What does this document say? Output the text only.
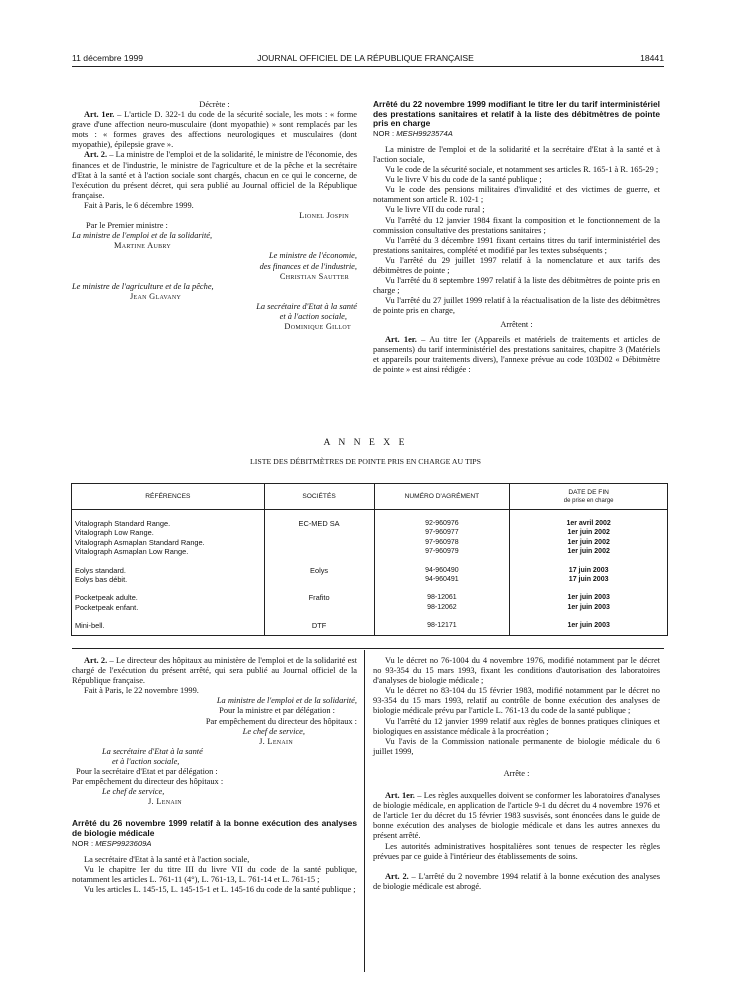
11 décembre 1999	JOURNAL OFFICIEL DE LA RÉPUBLIQUE FRANÇAISE	18441

Décrète :

Art. 1er. – L'article D. 322-1 du code de la sécurité sociale, les mots : « forme grave d'une affection neuro-musculaire (dont myopathie) » sont remplacés par les mots : « formes graves des affections neurologiques et musculaires (dont myopathie), épilepsie grave ».

Art. 2. – La ministre de l'emploi et de la solidarité, le ministre de l'économie, des finances et de l'industrie, le ministre de l'agriculture et de la pêche et la secrétaire d'Etat à la santé et à l'action sociale sont chargés, chacun en ce qui le concerne, de l'exécution du présent décret, qui sera publié au Journal officiel de la République française.

Fait à Paris, le 6 décembre 1999.

Lionel Jospin

Par le Premier ministre :

La ministre de l'emploi et de la solidarité,

Martine Aubry

Le ministre de l'économie,

des finances et de l'industrie,

Christian Sautter

Le ministre de l'agriculture et de la pêche,

Jean Glavany

La secrétaire d'Etat à la santé

et à l'action sociale,

Dominique Gillot

Arrêté du 22 novembre 1999 modifiant le titre Ier du tarif interministériel des prestations sanitaires et relatif à la liste des débitmètres de pointe pris en charge

NOR : MESH9923574A

La ministre de l'emploi et de la solidarité et la secrétaire d'Etat à la santé et à l'action sociale,

Vu le code de la sécurité sociale, et notamment ses articles R. 165-1 à R. 165-29 ;

Vu le livre V bis du code de la santé publique ;

Vu le code des pensions militaires d'invalidité et des victimes de guerre, et notamment son article R. 102-1 ;

Vu le livre VII du code rural ;

Vu l'arrêté du 12 janvier 1984 fixant la composition et le fonctionnement de la commission consultative des prestations sanitaires ;

Vu l'arrêté du 3 décembre 1991 fixant certains titres du tarif interministériel des prestations sanitaires, complété et modifié par les textes subséquents ;

Vu l'arrêté du 29 juillet 1997 relatif à la nomenclature et aux tarifs des débitmètres de pointe ;

Vu l'arrêté du 8 septembre 1997 relatif à la liste des débitmètres de pointe pris en charge ;

Vu l'arrêté du 27 juillet 1999 relatif à la réactualisation de la liste des débitmètres de pointe pris en charge,

Arrêtent :

Art. 1er. – Au titre Ier (Appareils et matériels de traitements et articles de pansements) du tarif interministériel des prestations sanitaires, chapitre 3 (Matériels et appareils pour traitements divers), l'annexe prévue au code 103D02 « Débitmètre de pointe » est ainsi rédigée :

A N N E X E
LISTE DES DÉBITMÈTRES DE POINTE PRIS EN CHARGE AU TIPS
RÉFÉRENCES	SOCIÉTÉS	NUMÉRO D'AGRÉMENT	DATE DE FIN
de prise en charge

Vitalograph Standard Range.	EC-MED SA	92-960976	1er avril 2002
Vitalograph Low Range.		97-960977	1er juin 2002
Vitalograph Asmaplan Standard Range.		97-960978	1er juin 2002
Vitalograph Asmaplan Low Range.		97-960979	1er juin 2002

Eolys standard.	Eolys	94-960490	17 juin 2003
Eolys bas débit.		94-960491	17 juin 2003

Pocketpeak adulte.	Frafito	98-12061	1er juin 2003
Pocketpeak enfant.		98-12062	1er juin 2003

Mini-bell.	DTF	98-12171	1er juin 2003

Art. 2. – Le directeur des hôpitaux au ministère de l'emploi et de la solidarité est chargé de l'exécution du présent arrêté, qui sera publié au Journal officiel de la République française.

Fait à Paris, le 22 novembre 1999.

La ministre de l'emploi et de la solidarité,

Pour la ministre et par délégation :

Par empêchement du directeur des hôpitaux :

Le chef de service,

J. Lenain

La secrétaire d'Etat à la santé

et à l'action sociale,

Pour la secrétaire d'Etat et par délégation :

Par empêchement du directeur des hôpitaux :

Le chef de service,

J. Lenain

Arrêté du 26 novembre 1999 relatif à la bonne exécution des analyses de biologie médicale

NOR : MESP9923609A

La secrétaire d'Etat à la santé et à l'action sociale,

Vu le chapitre Ier du titre III du livre VII du code de la santé publique, notamment les articles L. 761-11 (4°), L. 761-13, L. 761-14 et L. 761-15 ;

Vu les articles L. 145-15, L. 145-15-1 et L. 145-16 du code de la santé publique ;

Vu le décret no 76-1004 du 4 novembre 1976, modifié notamment par le décret no 93-354 du 15 mars 1993, fixant les conditions d'autorisation des laboratoires d'analyses de biologie médicale ;

Vu le décret no 83-104 du 15 février 1983, modifié notamment par le décret no 93-354 du 15 mars 1993, relatif au contrôle de bonne exécution des analyses de biologie médicale prévu par l'article L. 761-13 du code de la santé publique ;

Vu l'arrêté du 12 janvier 1999 relatif aux règles de bonnes pratiques cliniques et biologiques en assistance médicale à la procréation ;

Vu l'avis de la Commission nationale permanente de biologie médicale du 6 juillet 1999,

Arrête :

Art. 1er. – Les règles auxquelles doivent se conformer les laboratoires d'analyses de biologie médicale, en application de l'article 9-1 du décret du 4 novembre 1976 et de l'article 1er du décret du 15 février 1983 susvisés, sont énoncées dans le guide de bonne exécution des analyses de biologie médicale et dans les autres annexes du présent arrêté.

Les autorités administratives hospitalières sont tenues de respecter les règles prévues par ce guide à l'intérieur des établissements de soins.

Art. 2. – L'arrêté du 2 novembre 1994 relatif à la bonne exécution des analyses de biologie médicale est abrogé.
